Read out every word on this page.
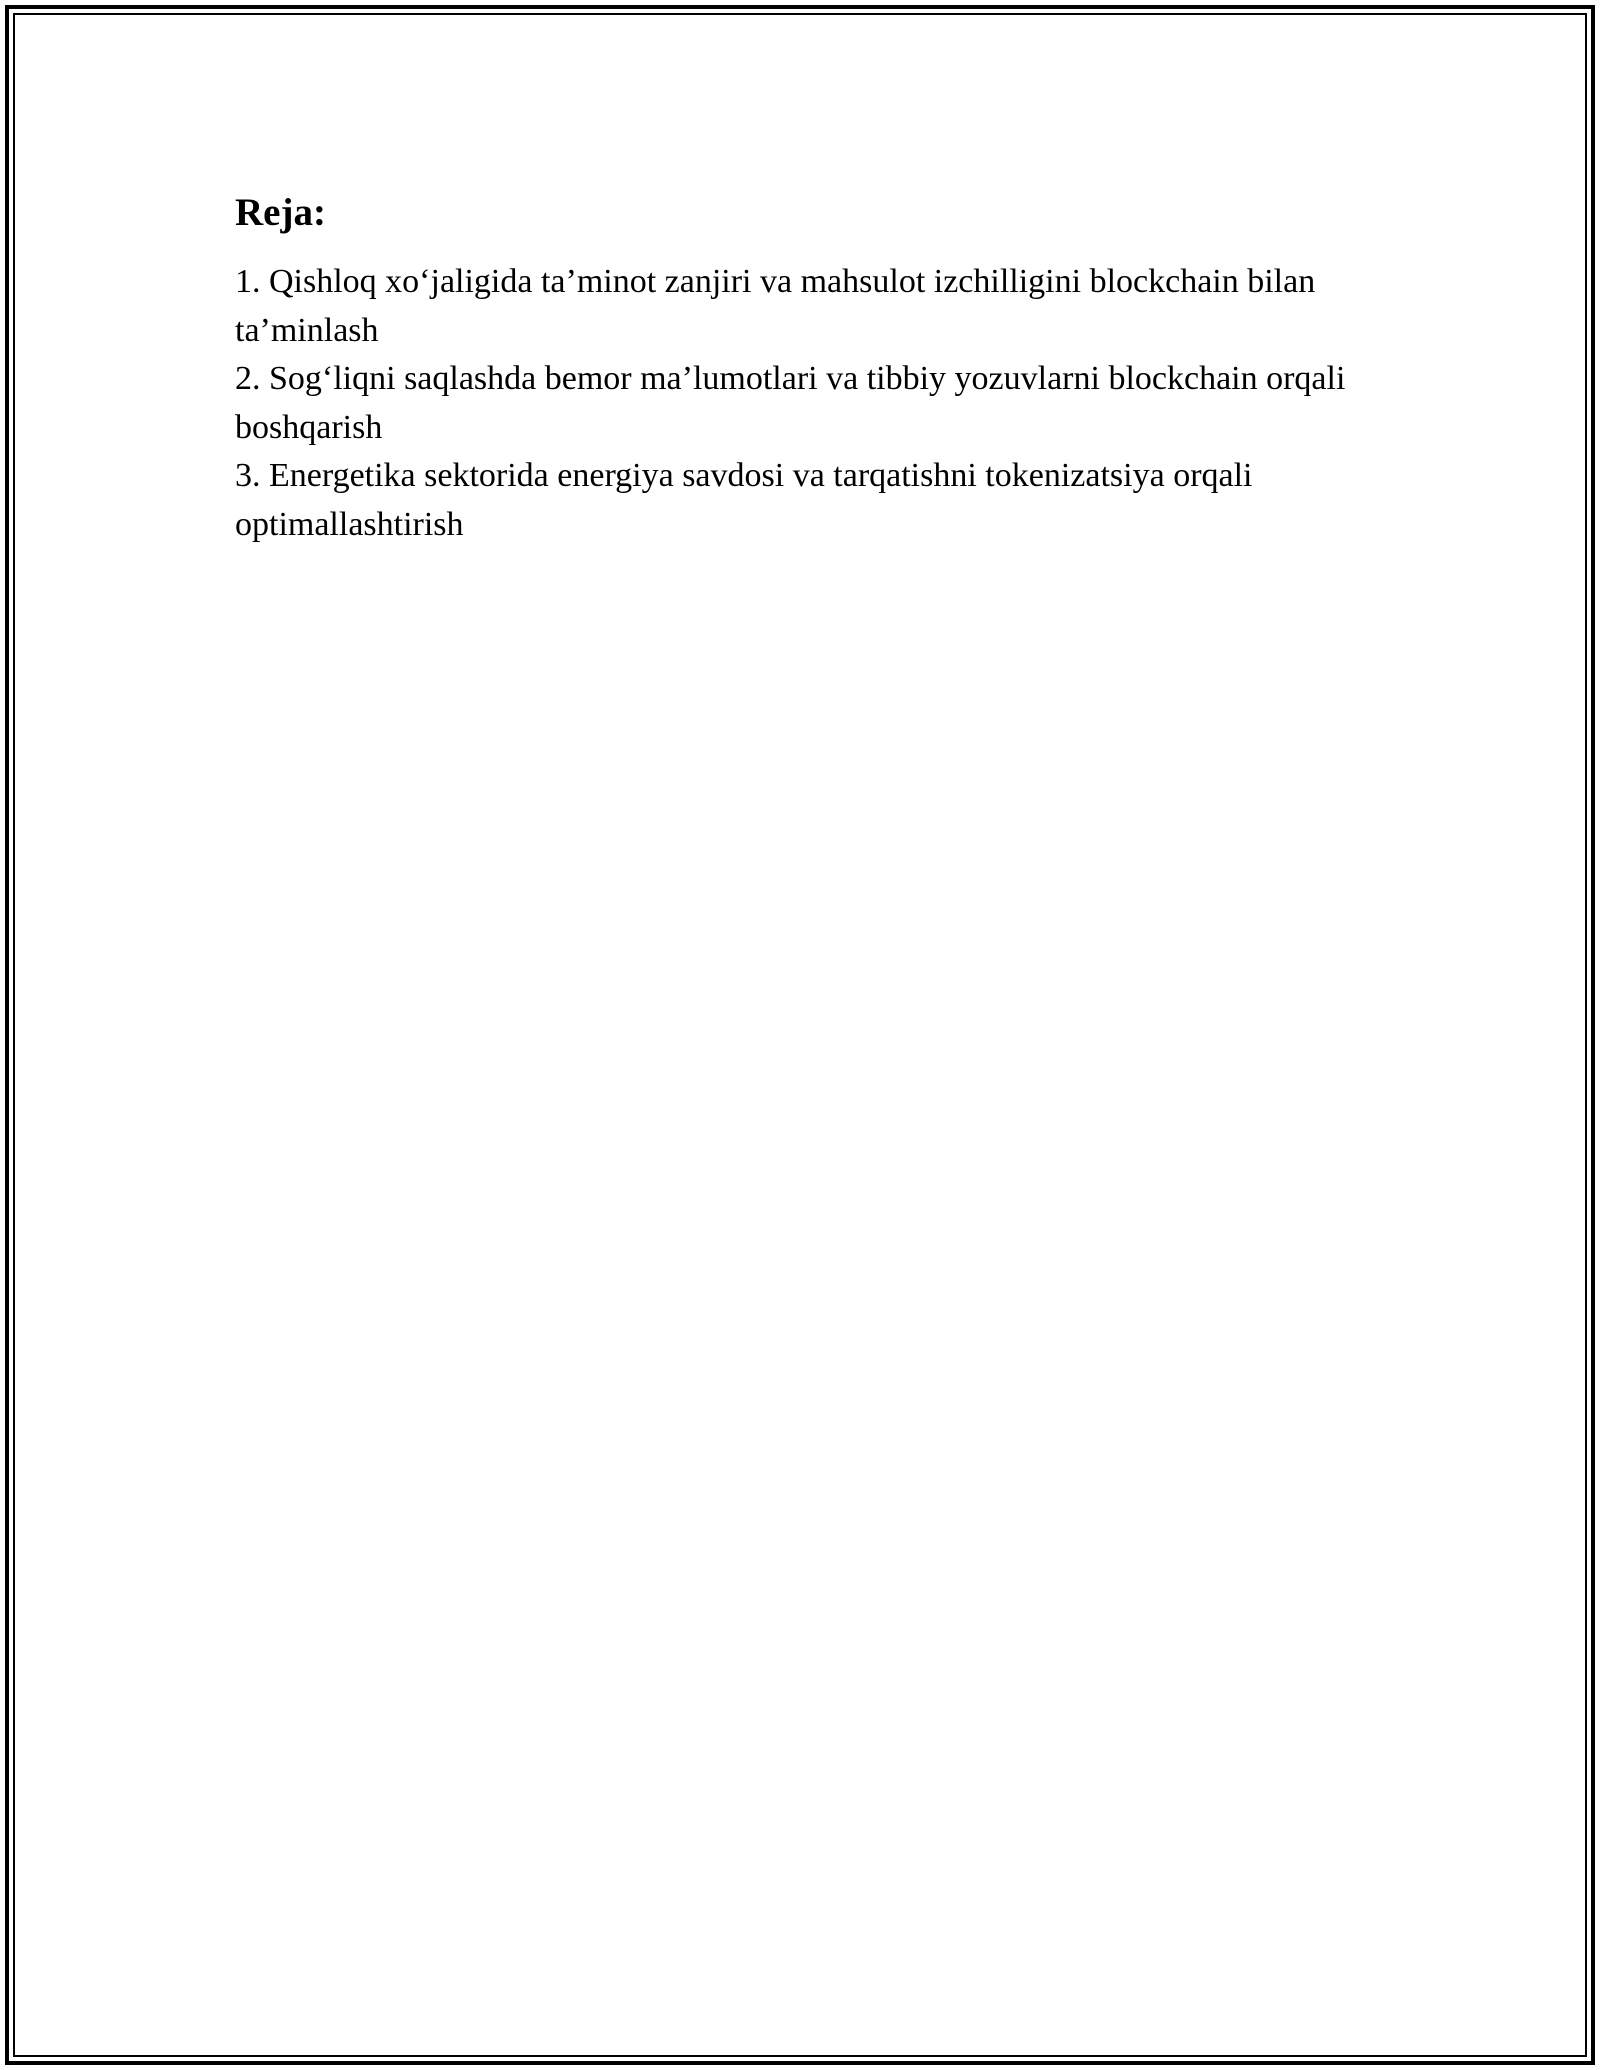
Reja:
1. Qishloq xo‘jaligida ta’minot zanjiri va mahsulot izchilligini blockchain bilan ta’minlash
2. Sog‘liqni saqlashda bemor ma’lumotlari va tibbiy yozuvlarni blockchain orqali boshqarish
3. Energetika sektorida energiya savdosi va tarqatishni tokenizatsiya orqali optimallashtirish
